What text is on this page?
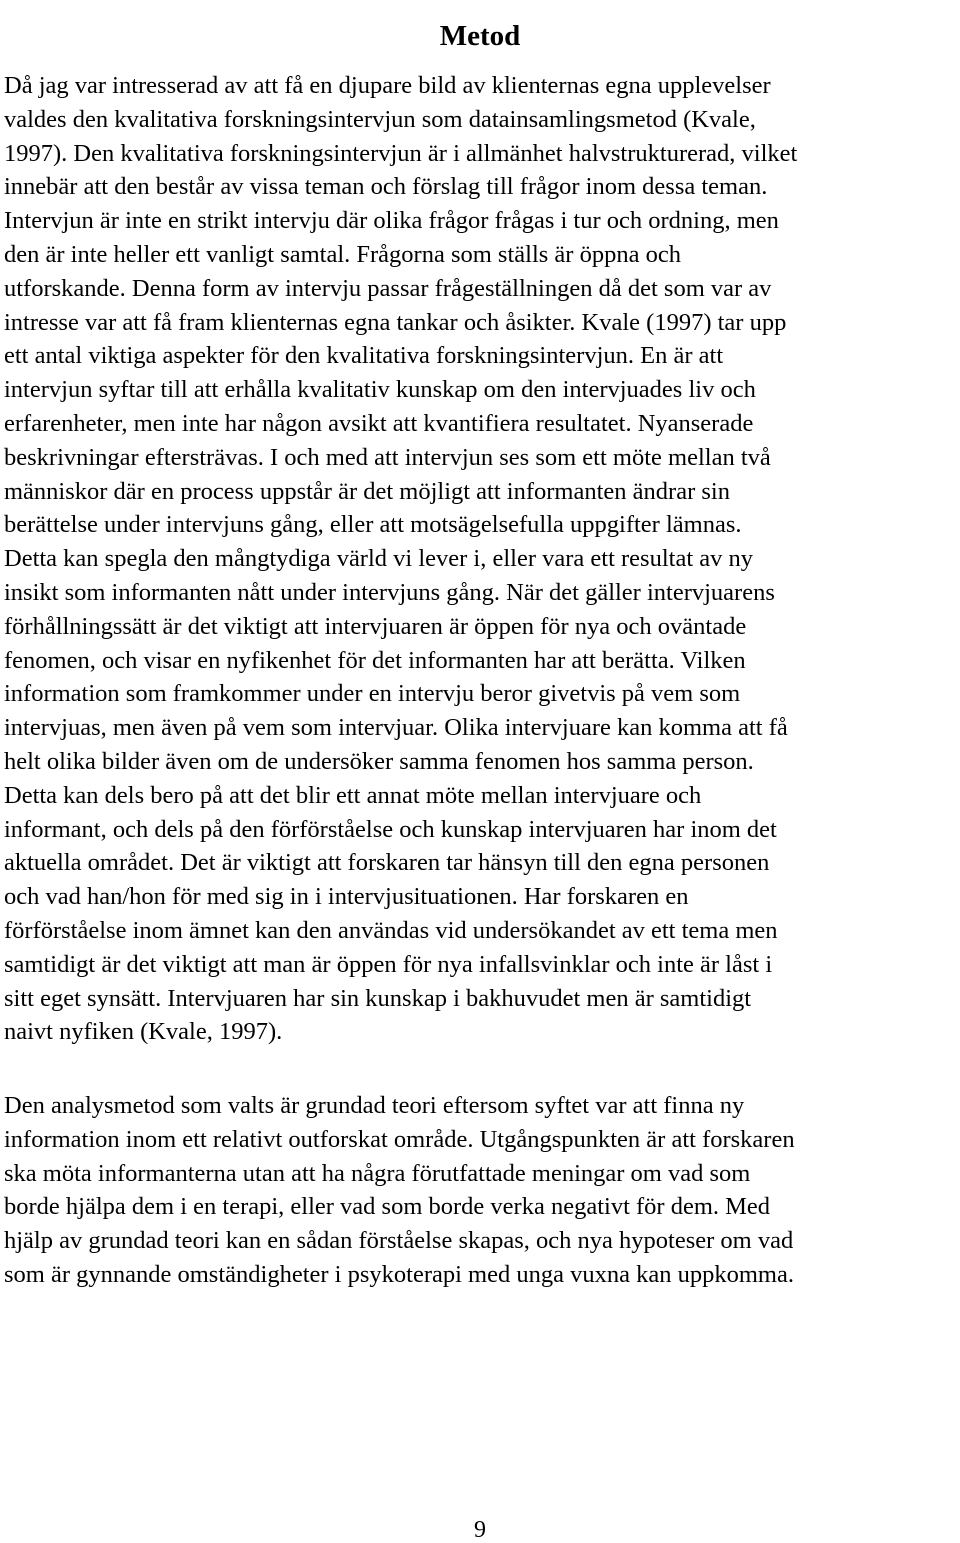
Metod

Då jag var intresserad av att få en djupare bild av klienternas egna upplevelser
valdes den kvalitativa forskningsintervjun som datainsamlingsmetod (Kvale,
1997). Den kvalitativa forskningsintervjun är i allmänhet halvstrukturerad, vilket
innebär att den består av vissa teman och förslag till frågor inom dessa teman.
Intervjun är inte en strikt intervju där olika frågor frågas i tur och ordning, men
den är inte heller ett vanligt samtal. Frågorna som ställs är öppna och
utforskande. Denna form av intervju passar frågeställningen då det som var av
intresse var att få fram klienternas egna tankar och åsikter. Kvale (1997) tar upp
ett antal viktiga aspekter för den kvalitativa forskningsintervjun. En är att
intervjun syftar till att erhålla kvalitativ kunskap om den intervjuades liv och
erfarenheter, men inte har någon avsikt att kvantifiera resultatet. Nyanserade
beskrivningar eftersträvas. I och med att intervjun ses som ett möte mellan två
människor där en process uppstår är det möjligt att informanten ändrar sin
berättelse under intervjuns gång, eller att motsägelsefulla uppgifter lämnas.
Detta kan spegla den mångtydiga värld vi lever i, eller vara ett resultat av ny
insikt som informanten nått under intervjuns gång. När det gäller intervjuarens
förhållningssätt är det viktigt att intervjuaren är öppen för nya och oväntade
fenomen, och visar en nyfikenhet för det informanten har att berätta. Vilken
information som framkommer under en intervju beror givetvis på vem som
intervjuas, men även på vem som intervjuar. Olika intervjuare kan komma att få
helt olika bilder även om de undersöker samma fenomen hos samma person.
Detta kan dels bero på att det blir ett annat möte mellan intervjuare och
informant, och dels på den förförståelse och kunskap intervjuaren har inom det
aktuella området. Det är viktigt att forskaren tar hänsyn till den egna personen
och vad han/hon för med sig in i intervjusituationen. Har forskaren en
förförståelse inom ämnet kan den användas vid undersökandet av ett tema men
samtidigt är det viktigt att man är öppen för nya infallsvinklar och inte är låst i
sitt eget synsätt. Intervjuaren har sin kunskap i bakhuvudet men är samtidigt
naivt nyfiken (Kvale, 1997).

Den analysmetod som valts är grundad teori eftersom syftet var att finna ny
information inom ett relativt outforskat område. Utgångspunkten är att forskaren
ska möta informanterna utan att ha några förutfattade meningar om vad som
borde hjälpa dem i en terapi, eller vad som borde verka negativt för dem. Med
hjälp av grundad teori kan en sådan förståelse skapas, och nya hypoteser om vad
som är gynnande omständigheter i psykoterapi med unga vuxna kan uppkomma.

9
